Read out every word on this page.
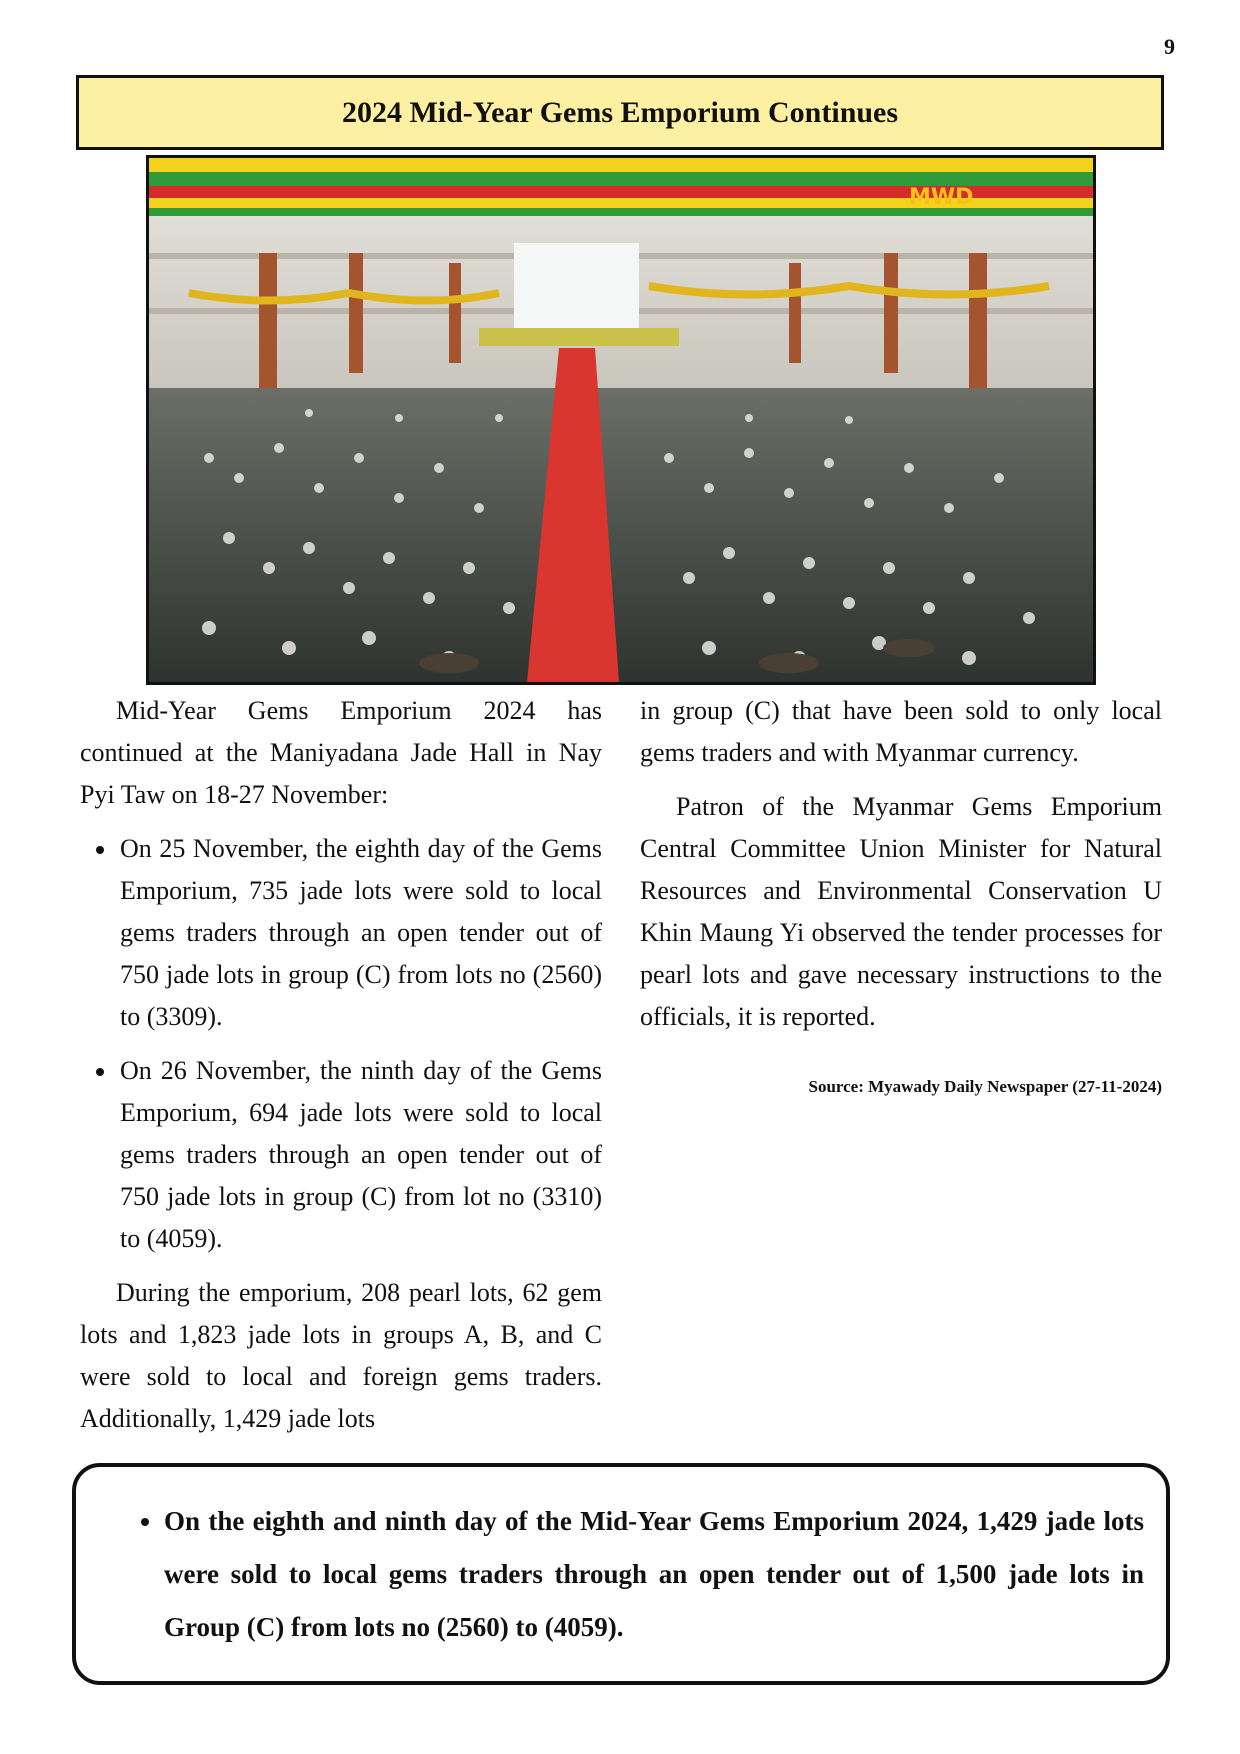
9
2024 Mid-Year Gems Emporium Continues
MWD

Mid-Year Gems Emporium 2024 has continued at the Maniyadana Jade Hall in Nay Pyi Taw on 18-27 November:

• On 25 November, the eighth day of the Gems Emporium, 735 jade lots were sold to local gems traders through an open tender out of 750 jade lots in group (C) from lots no (2560) to (3309).
• On 26 November, the ninth day of the Gems Emporium, 694 jade lots were sold to local gems traders through an open tender out of 750 jade lots in group (C) from lot no (3310) to (4059).

During the emporium, 208 pearl lots, 62 gem lots and 1,823 jade lots in groups A, B, and C were sold to local and foreign gems traders. Additionally, 1,429 jade lots

in group (C) that have been sold to only local gems traders and with Myanmar currency.

Patron of the Myanmar Gems Emporium Central Committee Union Minister for Natural Resources and Environmental Conservation U Khin Maung Yi observed the tender processes for pearl lots and gave necessary instructions to the officials, it is reported.

Source: Myawady Daily Newspaper (27-11-2024)
• On the eighth and ninth day of the Mid-Year Gems Emporium 2024, 1,429 jade lots were sold to local gems traders through an open tender out of 1,500 jade lots in Group (C) from lots no (2560) to (4059).
